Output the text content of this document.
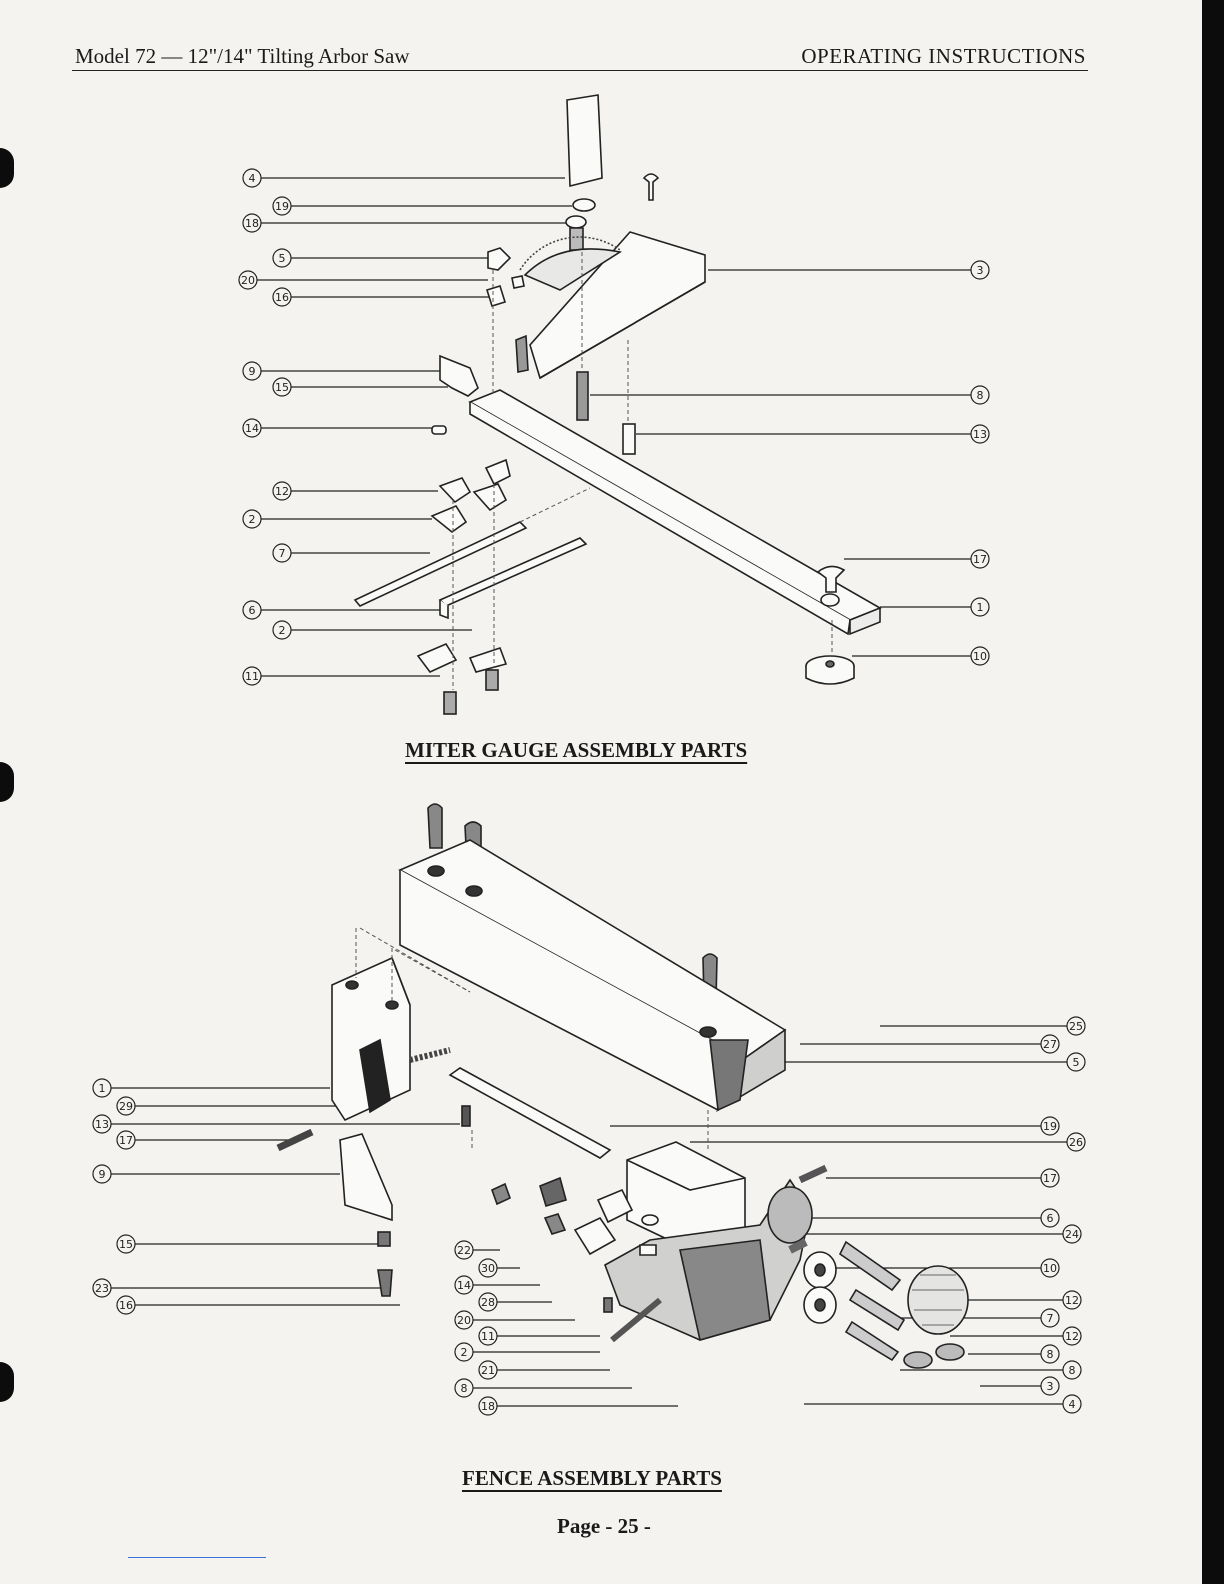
Model 72 — 12"/14" Tilting Arbor Saw	OPERATING INSTRUCTIONS
4
19
18
5
20
16
9
15
14
12
2
7
6
2
11
3
8
13
17
1
10
MITER GAUGE ASSEMBLY PARTS
1
29
13
17
9
15
23
16
22
30
14
28
20
11
2
21
8
18
25
27
5
19
26
17
6
24
10
12
7
12
8
8
3
4
FENCE ASSEMBLY PARTS
Page - 25 -
